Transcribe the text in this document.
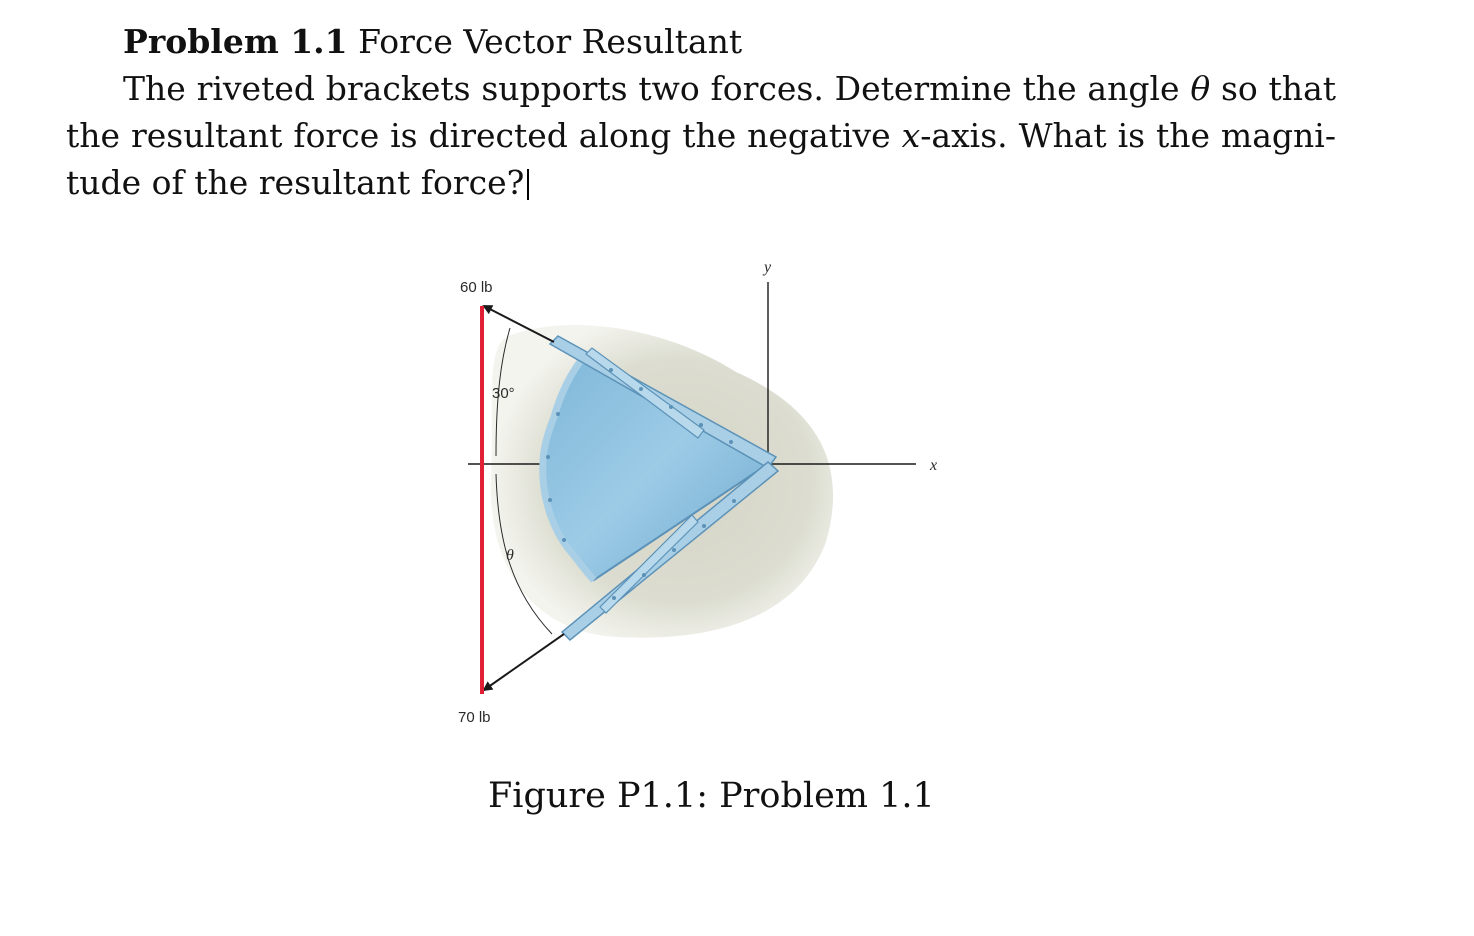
Problem 1.1 Force Vector Resultant

The riveted brackets supports two forces. Determine the angle θ so that the resultant force is directed along the negative x-axis. What is the magni-tude of the resultant force?

60 lb
70 lb
30°
θ
y
x
Figure P1.1: Problem 1.1
